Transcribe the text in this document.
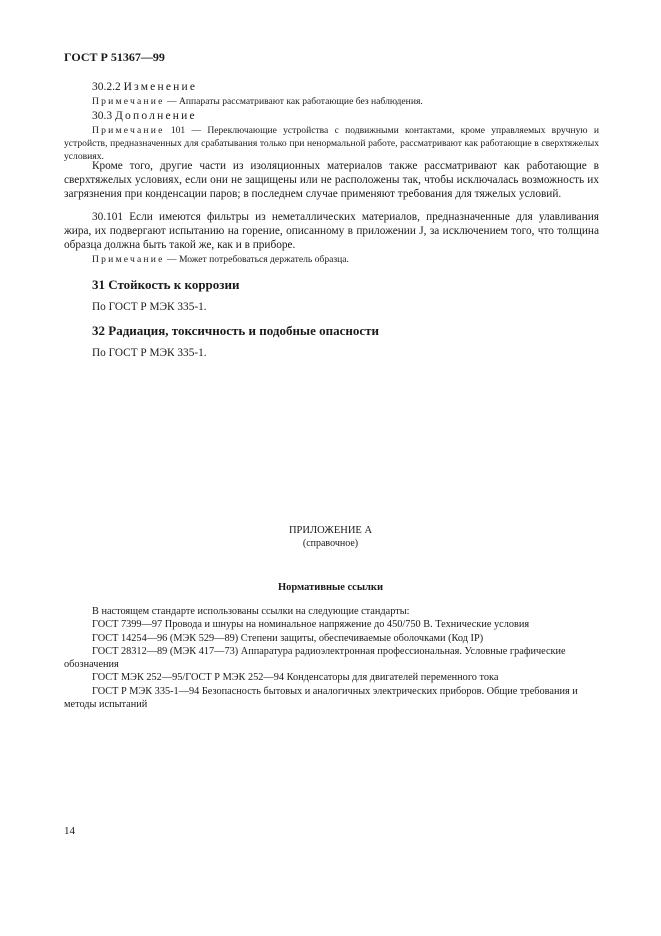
ГОСТ Р 51367—99

30.2.2 Изменение

Примечание — Аппараты рассматривают как работающие без наблюдения.

30.3 Дополнение

Примечание 101 — Переключающие устройства с подвижными контактами, кроме управляемых вручную и устройств, предназначенных для срабатывания только при ненормальной работе, рассматривают как работающие в сверхтяжелых условиях.

Кроме того, другие части из изоляционных материалов также рассматривают как работающие в сверхтяжелых условиях, если они не защищены или не расположены так, чтобы исключалась возможность их загрязнения при конденсации паров; в последнем случае применяют требования для тяжелых условий.

30.101 Если имеются фильтры из неметаллических материалов, предназначенные для улавливания жира, их подвергают испытанию на горение, описанному в приложении J, за исключением того, что толщина образца должна быть такой же, как и в приборе.

Примечание — Может потребоваться держатель образца.

31 Стойкость к коррозии

По ГОСТ Р МЭК 335-1.

32 Радиация, токсичность и подобные опасности

По ГОСТ Р МЭК 335-1.

ПРИЛОЖЕНИЕ А
(справочное)
Нормативные ссылки

В настоящем стандарте использованы ссылки на следующие стандарты:

ГОСТ 7399—97 Провода и шнуры на номинальное напряжение до 450/750 В. Технические условия

ГОСТ 14254—96 (МЭК 529—89) Степени защиты, обеспечиваемые оболочками (Код IP)

ГОСТ 28312—89 (МЭК 417—73) Аппаратура радиоэлектронная профессиональная. Условные графические обозначения

ГОСТ МЭК 252—95/ГОСТ Р МЭК 252—94 Конденсаторы для двигателей переменного тока

ГОСТ Р МЭК 335-1—94 Безопасность бытовых и аналогичных электрических приборов. Общие требования и методы испытаний

14
